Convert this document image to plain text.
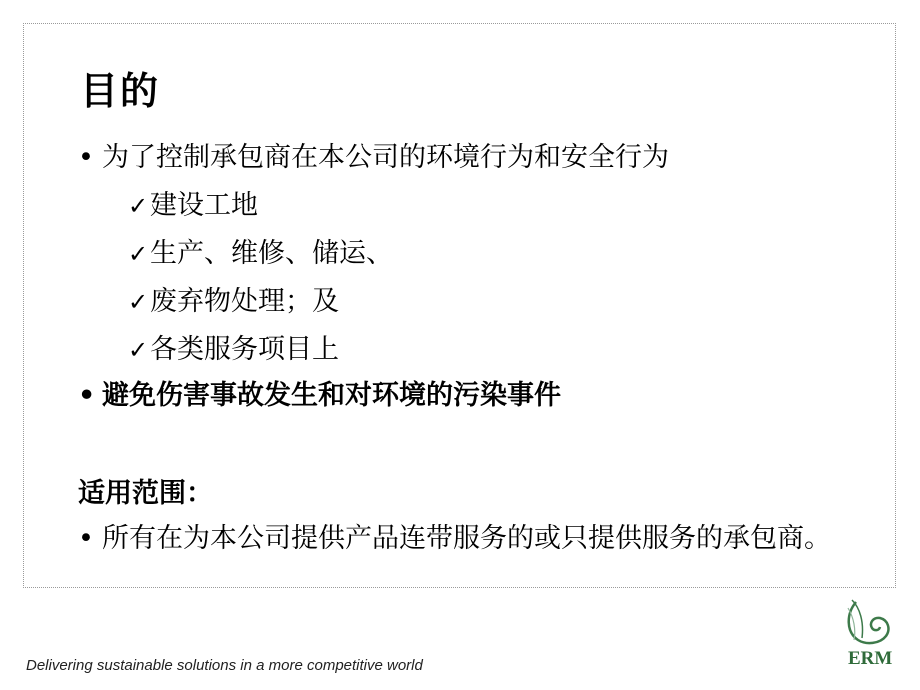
目的
• 为了控制承包商在本公司的环境行为和安全行为
✓建设工地
✓生产、维修、储运、
✓废弃物处理；及
✓各类服务项目上
• 避免伤害事故发生和对环境的污染事件
适用范围：
• 所有在为本公司提供产品连带服务的或只提供服务的承包商。
Delivering sustainable solutions in a more competitive world	ERM
